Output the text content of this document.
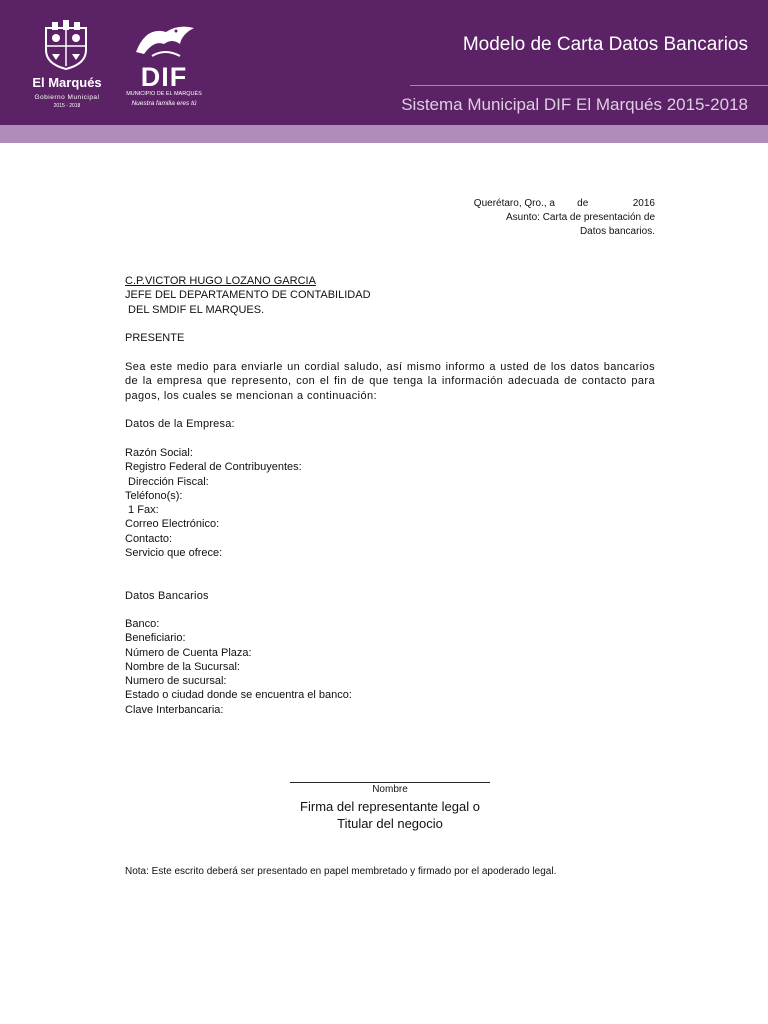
El Marqués
Gobierno Municipal
2015 - 2018
DIF
MUNICIPIO DE EL MARQUÉS
Nuestra familia eres tú
Modelo de Carta Datos Bancarios
Sistema Municipal DIF El Marqués 2015-2018
Querétaro, Qro., a        de                2016
Asunto: Carta de presentación de
Datos bancarios.
C.P.VICTOR HUGO LOZANO GARCIA
JEFE DEL DEPARTAMENTO DE CONTABILIDAD
DEL SMDIF EL MARQUES.
PRESENTE
Sea este medio para enviarle un cordial saludo, así mismo informo a usted de los datos bancarios de la empresa que represento, con el fin de que tenga la información adecuada de contacto para pagos, los cuales se mencionan a continuación:
Datos de la Empresa:
Razón Social:
Registro Federal de Contribuyentes:
Dirección Fiscal:
Teléfono(s):
1 Fax:
Correo Electrónico:
Contacto:
Servicio que ofrece:
Datos Bancarios
Banco:
Beneficiario:
Número de Cuenta Plaza:
Nombre de la Sucursal:
Numero de sucursal:
Estado o ciudad donde se encuentra el banco:
Clave Interbancaria:
Nombre
Firma del representante legal o
Titular del negocio
Nota: Este escrito deberá ser presentado en papel membretado y firmado por el apoderado legal.
